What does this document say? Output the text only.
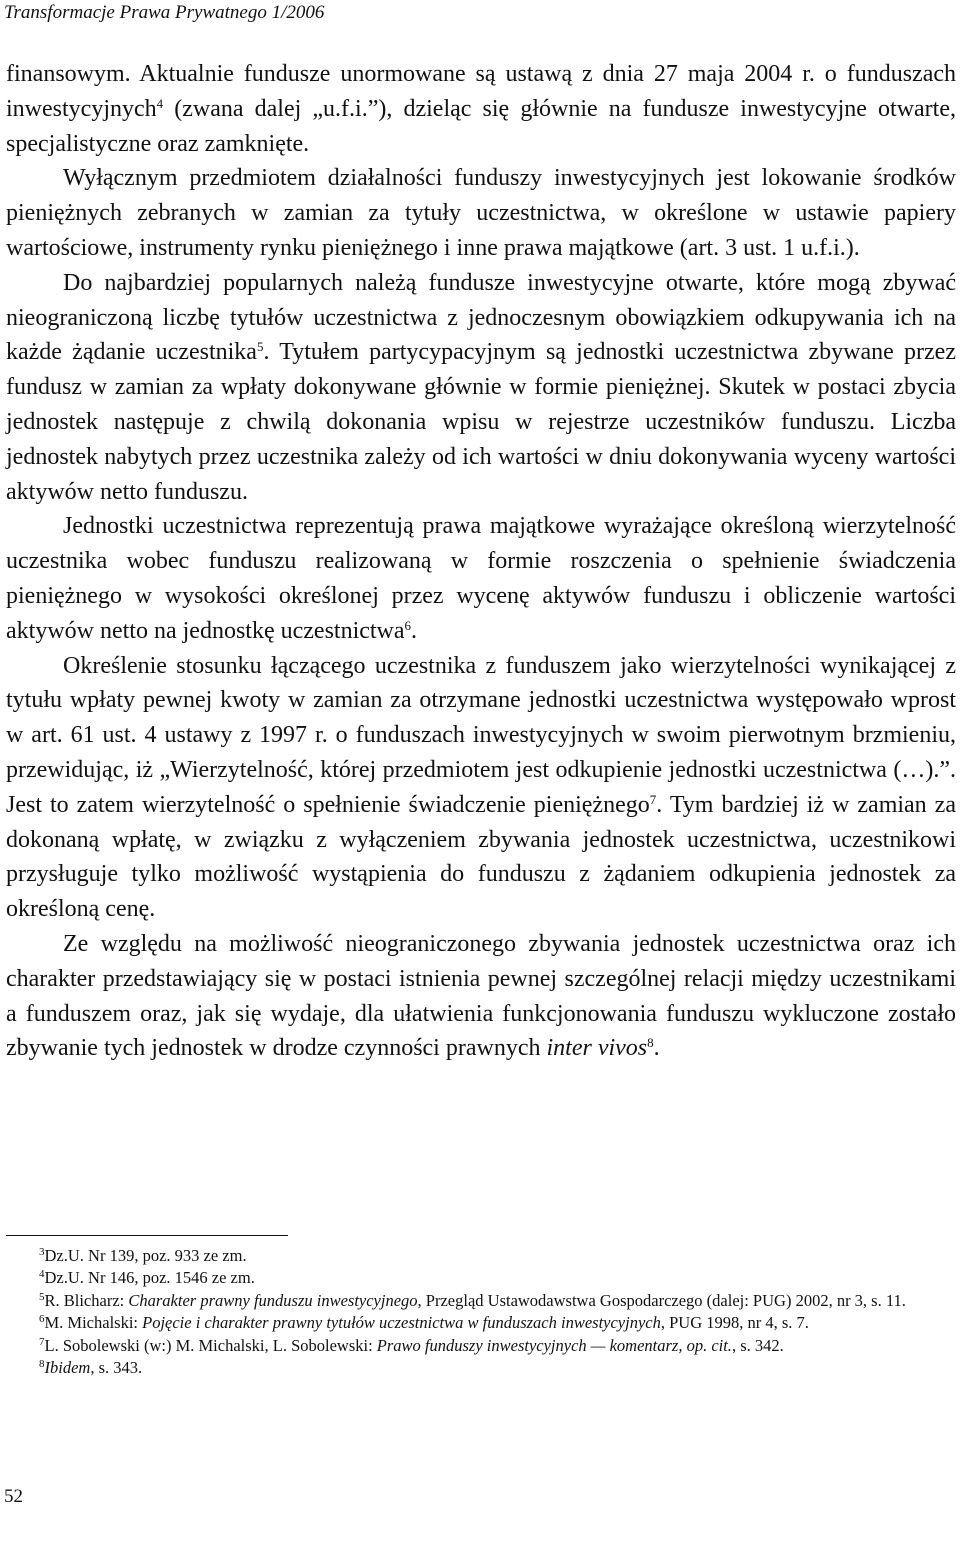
Transformacje Prawa Prywatnego 1/2006

finansowym. Aktualnie fundusze unormowane są ustawą z dnia 27 maja 2004 r. o funduszach inwestycyjnych$^4$ (zwana dalej „u.f.i.”), dzieląc się głównie na fundusze inwestycyjne otwarte, specjalistyczne oraz zamknięte.

Wyłącznym przedmiotem działalności funduszy inwestycyjnych jest lokowanie środków pieniężnych zebranych w zamian za tytuły uczestnictwa, w określone w ustawie papiery wartościowe, instrumenty rynku pieniężnego i inne prawa majątkowe (art. 3 ust. 1 u.f.i.).

Do najbardziej popularnych należą fundusze inwestycyjne otwarte, które mogą zbywać nieograniczoną liczbę tytułów uczestnictwa z jednoczesnym obowiązkiem odkupywania ich na każde żądanie uczestnika$^5$. Tytułem partycypacyjnym są jednostki uczestnictwa zbywane przez fundusz w zamian za wpłaty dokonywane głównie w formie pieniężnej. Skutek w postaci zbycia jednostek następuje z chwilą dokonania wpisu w rejestrze uczestników funduszu. Liczba jednostek nabytych przez uczestnika zależy od ich wartości w dniu dokonywania wyceny wartości aktywów netto funduszu.

Jednostki uczestnictwa reprezentują prawa majątkowe wyrażające określoną wierzytelność uczestnika wobec funduszu realizowaną w formie roszczenia o spełnienie świadczenia pieniężnego w wysokości określonej przez wycenę aktywów funduszu i obliczenie wartości aktywów netto na jednostkę uczestnictwa$^6$.

Określenie stosunku łączącego uczestnika z funduszem jako wierzytelności wynikającej z tytułu wpłaty pewnej kwoty w zamian za otrzymane jednostki uczestnictwa występowało wprost w art. 61 ust. 4 ustawy z 1997 r. o funduszach inwestycyjnych w swoim pierwotnym brzmieniu, przewidując, iż „Wierzytelność, której przedmiotem jest odkupienie jednostki uczestnictwa (…).”. Jest to zatem wierzytelność o spełnienie świadczenie pieniężnego$^7$. Tym bardziej iż w zamian za dokonaną wpłatę, w związku z wyłączeniem zbywania jednostek uczestnictwa, uczestnikowi przysługuje tylko możliwość wystąpienia do funduszu z żądaniem odkupienia jednostek za określoną cenę.

Ze względu na możliwość nieograniczonego zbywania jednostek uczestnictwa oraz ich charakter przedstawiający się w postaci istnienia pewnej szczególnej relacji między uczestnikami a funduszem oraz, jak się wydaje, dla ułatwienia funkcjonowania funduszu wykluczone zostało zbywanie tych jednostek w drodze czynności prawnych inter vivos$^8$.

$^3$Dz.U. Nr 139, poz. 933 ze zm.

$^4$Dz.U. Nr 146, poz. 1546 ze zm.

$^5$R. Blicharz: Charakter prawny funduszu inwestycyjnego, Przegląd Ustawodawstwa Gospodarczego (dalej: PUG) 2002, nr 3, s. 11.

$^6$M. Michalski: Pojęcie i charakter prawny tytułów uczestnictwa w funduszach inwestycyjnych, PUG 1998, nr 4, s. 7.

$^7$L. Sobolewski (w:) M. Michalski, L. Sobolewski: Prawo funduszy inwestycyjnych — komentarz, op. cit., s. 342.

$^8$Ibidem, s. 343.

52
